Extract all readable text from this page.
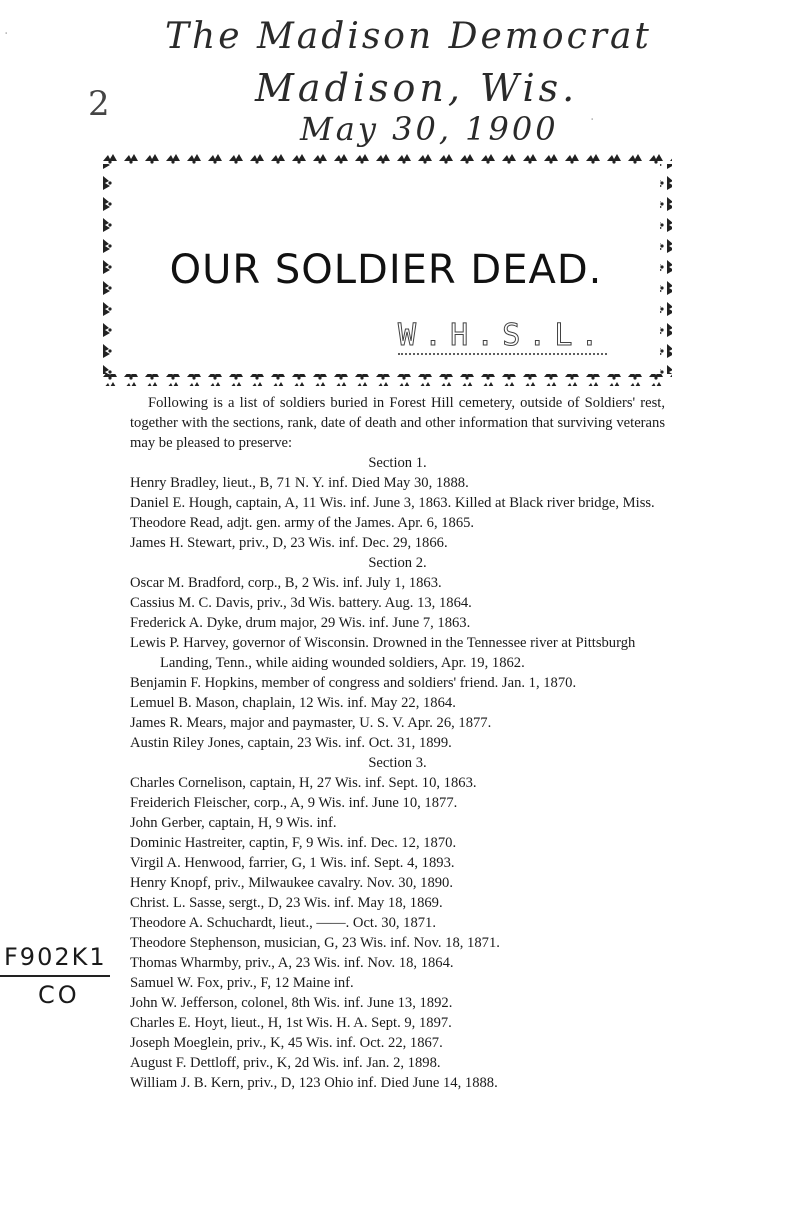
The Madison Democrat
Madison, Wis.
May 30, 1900
2
·
·
OUR SOLDIER DEAD.
W.H.S.L.

Following is a list of soldiers buried in Forest Hill cemetery, outside of Soldiers' rest, together with the sections, rank, date of death and other information that surviving veterans may be pleased to preserve:

Section 1.

Henry Bradley, lieut., B, 71 N. Y. inf. Died May 30, 1888.

Daniel E. Hough, captain, A, 11 Wis. inf. June 3, 1863. Killed at Black river bridge, Miss.

Theodore Read, adjt. gen. army of the James. Apr. 6, 1865.

James H. Stewart, priv., D, 23 Wis. inf. Dec. 29, 1866.

Section 2.

Oscar M. Bradford, corp., B, 2 Wis. inf. July 1, 1863.

Cassius M. C. Davis, priv., 3d Wis. battery. Aug. 13, 1864.

Frederick A. Dyke, drum major, 29 Wis. inf. June 7, 1863.

Lewis P. Harvey, governor of Wisconsin. Drowned in the Tennessee river at Pittsburgh Landing, Tenn., while aiding wounded soldiers, Apr. 19, 1862.

Benjamin F. Hopkins, member of congress and soldiers' friend. Jan. 1, 1870.

Lemuel B. Mason, chaplain, 12 Wis. inf. May 22, 1864.

James R. Mears, major and paymaster, U. S. V. Apr. 26, 1877.

Austin Riley Jones, captain, 23 Wis. inf. Oct. 31, 1899.

Section 3.

Charles Cornelison, captain, H, 27 Wis. inf. Sept. 10, 1863.

Freiderich Fleischer, corp., A, 9 Wis. inf. June 10, 1877.

John Gerber, captain, H, 9 Wis. inf.

Dominic Hastreiter, captin, F, 9 Wis. inf. Dec. 12, 1870.

Virgil A. Henwood, farrier, G, 1 Wis. inf. Sept. 4, 1893.

Henry Knopf, priv., Milwaukee cavalry. Nov. 30, 1890.

Christ. L. Sasse, sergt., D, 23 Wis. inf. May 18, 1869.

Theodore A. Schuchardt, lieut., ——. Oct. 30, 1871.

Theodore Stephenson, musician, G, 23 Wis. inf. Nov. 18, 1871.

Thomas Wharmby, priv., A, 23 Wis. inf. Nov. 18, 1864.

Samuel W. Fox, priv., F, 12 Maine inf.

John W. Jefferson, colonel, 8th Wis. inf. June 13, 1892.

Charles E. Hoyt, lieut., H, 1st Wis. H. A. Sept. 9, 1897.

Joseph Moeglein, priv., K, 45 Wis. inf. Oct. 22, 1867.

August F. Dettloff, priv., K, 2d Wis. inf. Jan. 2, 1898.

William J. B. Kern, priv., D, 123 Ohio inf. Died June 14, 1888.

F902K1
CO
